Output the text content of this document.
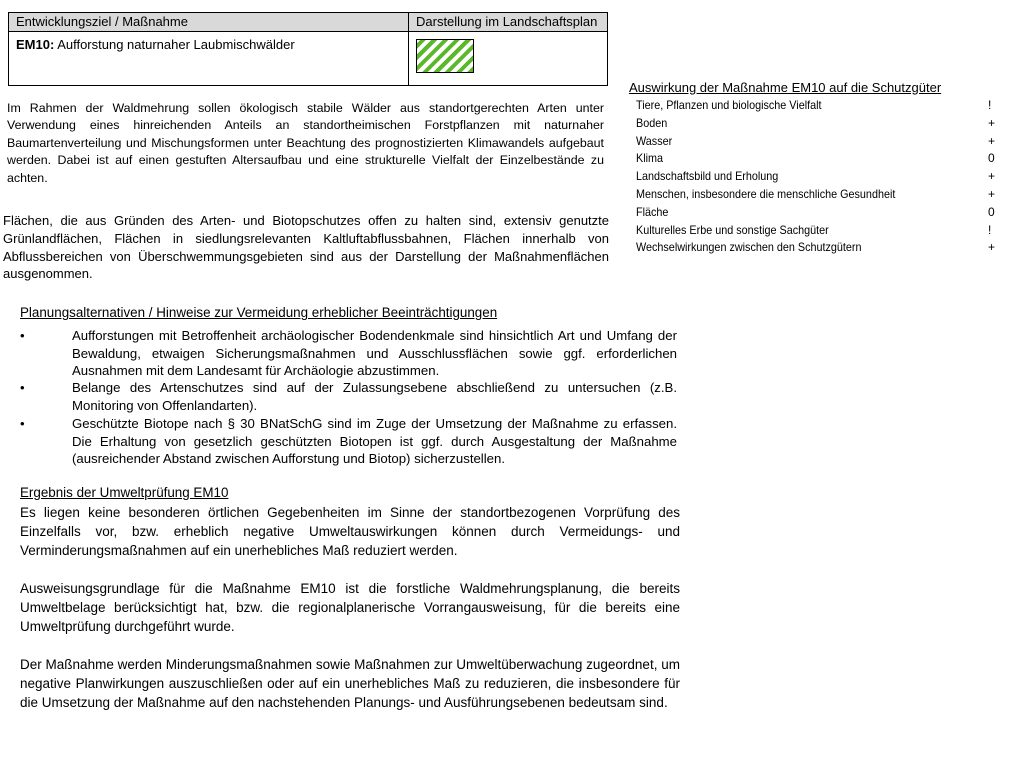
Entwicklungsziel / Maßnahme	Darstellung im Landschaftsplan
EM10: Aufforstung naturnaher Laubmischwälder	
Auswirkung der Maßnahme EM10 auf die Schutzgüter
Tiere, Pflanzen und biologische Vielfalt	!
Boden	+
Wasser	+
Klima	0
Landschaftsbild und Erholung	+
Menschen, insbesondere die menschliche Gesundheit	+
Fläche	0
Kulturelles Erbe und sonstige Sachgüter	!
Wechselwirkungen zwischen den Schutzgütern	+
Im Rahmen der Waldmehrung sollen ökologisch stabile Wälder aus standortgerechten Arten unter Verwendung eines hinreichenden Anteils an standortheimischen Forstpflanzen mit naturnaher Baumartenverteilung und Mischungsformen unter Beachtung des prognostizierten Klimawandels aufgebaut werden. Dabei ist auf einen gestuften Altersaufbau und eine strukturelle Vielfalt der Einzelbestände zu achten.
Flächen, die aus Gründen des Arten- und Biotopschutzes offen zu halten sind, extensiv genutzte Grünlandflächen, Flächen in siedlungsrelevanten Kaltluftabflussbahnen, Flächen innerhalb von Abflussbereichen von Überschwemmungsgebieten sind aus der Darstellung der Maßnahmenflächen ausgenommen.
Planungsalternativen / Hinweise zur Vermeidung erheblicher Beeinträchtigungen
•	Aufforstungen mit Betroffenheit archäologischer Bodendenkmale sind hinsichtlich Art und Umfang der Bewaldung, etwaigen Sicherungsmaßnahmen und Ausschlussflächen sowie ggf. erforderlichen Ausnahmen mit dem Landesamt für Archäologie abzustimmen.
•	Belange des Artenschutzes sind auf der Zulassungsebene abschließend zu untersuchen (z.B. Monitoring von Offenlandarten).
•	Geschützte Biotope nach § 30 BNatSchG sind im Zuge der Umsetzung der Maßnahme zu erfassen. Die Erhaltung von gesetzlich geschützten Biotopen ist ggf. durch Ausgestaltung der Maßnahme (ausreichender Abstand zwischen Aufforstung und Biotop) sicherzustellen.
Ergebnis der Umweltprüfung EM10
Es liegen keine besonderen örtlichen Gegebenheiten im Sinne der standortbezogenen Vorprüfung des Einzelfalls vor, bzw. erheblich negative Umweltauswirkungen können durch Vermeidungs- und Verminderungsmaßnahmen auf ein unerhebliches Maß reduziert werden.
Ausweisungsgrundlage für die Maßnahme EM10 ist die forstliche Waldmehrungsplanung, die bereits Umweltbelage berücksichtigt hat, bzw. die regionalplanerische Vorrangausweisung, für die bereits eine Umweltprüfung durchgeführt wurde.
Der Maßnahme werden Minderungsmaßnahmen sowie Maßnahmen zur Umweltüberwachung zugeordnet, um negative Planwirkungen auszuschließen oder auf ein unerhebliches Maß zu reduzieren, die insbesondere für die Umsetzung der Maßnahme auf den nachstehenden Planungs- und Ausführungsebenen bedeutsam sind.
